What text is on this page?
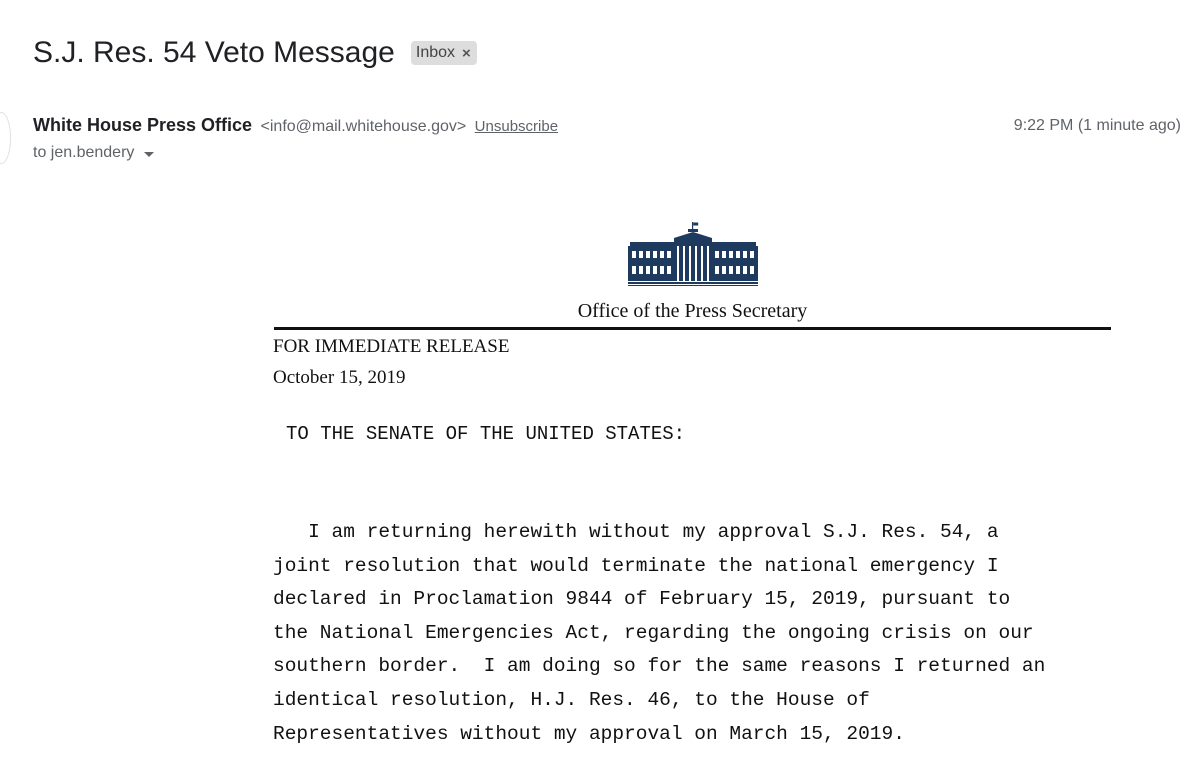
S.J. Res. 54 Veto Message Inbox ×
White House Press Office <info@mail.whitehouse.gov> Unsubscribe	9:22 PM (1 minute ago)
to jen.bendery
Office of the Press Secretary
FOR IMMEDIATE RELEASE
October 15, 2019
TO THE SENATE OF THE UNITED STATES:
I am returning herewith without my approval S.J. Res. 54, a
joint resolution that would terminate the national emergency I
declared in Proclamation 9844 of February 15, 2019, pursuant to
the National Emergencies Act, regarding the ongoing crisis on our
southern border.  I am doing so for the same reasons I returned an
identical resolution, H.J. Res. 46, to the House of
Representatives without my approval on March 15, 2019.
